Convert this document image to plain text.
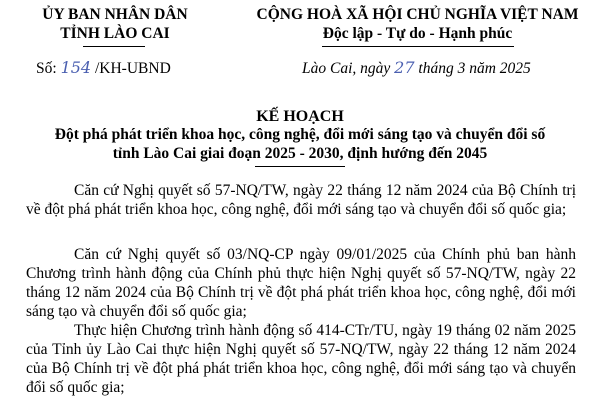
ỦY BAN NHÂN DÂN
TỈNH LÀO CAI
Số: 154 /KH-UBND
CỘNG HOÀ XÃ HỘI CHỦ NGHĨA VIỆT NAM
Độc lập - Tự do - Hạnh phúc
Lào Cai, ngày 27 tháng 3 năm 2025
KẾ HOẠCH
Đột phá phát triển khoa học, công nghệ, đổi mới sáng tạo và chuyển đổi số
tỉnh Lào Cai giai đoạn 2025 - 2030, định hướng đến 2045
Căn cứ Nghị quyết số 57-NQ/TW, ngày 22 tháng 12 năm 2024 của Bộ Chính trị về đột phá phát triển khoa học, công nghệ, đổi mới sáng tạo và chuyển đổi số quốc gia;
Căn cứ Nghị quyết số 03/NQ-CP ngày 09/01/2025 của Chính phủ ban hành Chương trình hành động của Chính phủ thực hiện Nghị quyết số 57-NQ/TW, ngày 22 tháng 12 năm 2024 của Bộ Chính trị về đột phá phát triển khoa học, công nghệ, đổi mới sáng tạo và chuyển đổi số quốc gia;
Thực hiện Chương trình hành động số 414-CTr/TU, ngày 19 tháng 02 năm 2025 của Tỉnh ủy Lào Cai thực hiện Nghị quyết số 57-NQ/TW, ngày 22 tháng 12 năm 2024 của Bộ Chính trị về đột phá phát triển khoa học, công nghệ, đổi mới sáng tạo và chuyển đổi số quốc gia;
